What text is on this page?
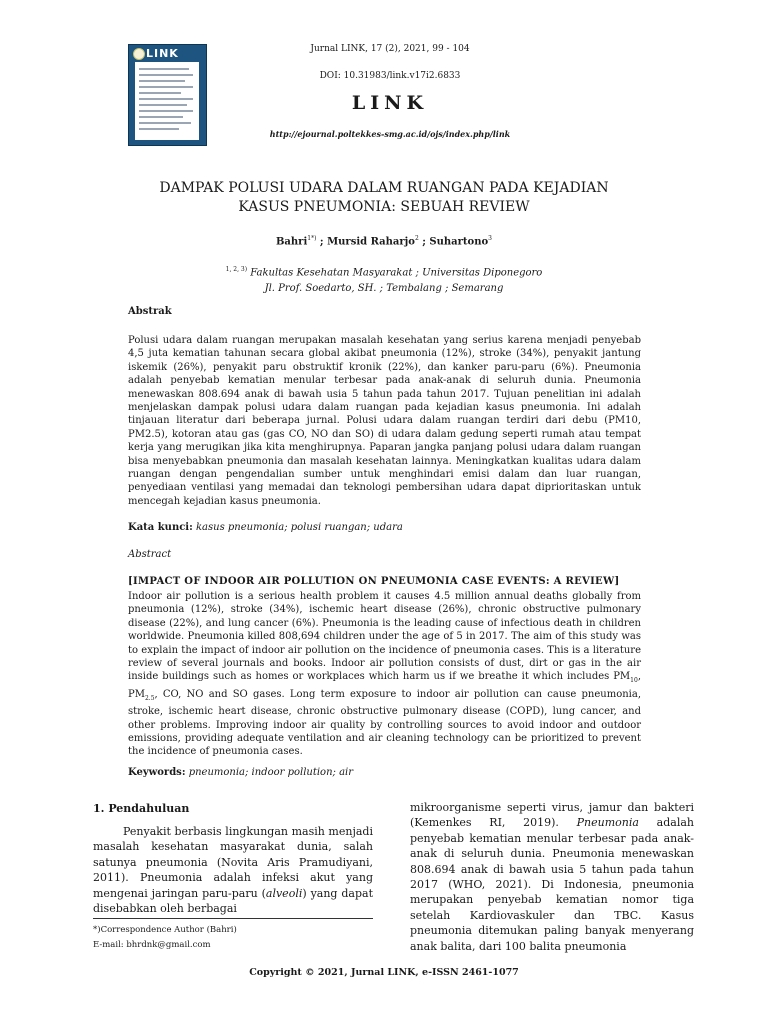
LINK	Jurnal LINK, 17 (2), 2021, 99 - 104
DOI: 10.31983/link.v17i2.6833
LINK
http://ejournal.poltekkes-smg.ac.id/ojs/index.php/link
DAMPAK POLUSI UDARA DALAM RUANGAN PADA KEJADIAN
KASUS PNEUMONIA: SEBUAH REVIEW
Bahri$^{1*)}$ ; Mursid Raharjo$^2$ ; Suhartono$^3$
$^{1, 2, 3)}$ Fakultas Kesehatan Masyarakat ; Universitas Diponegoro
Jl. Prof. Soedarto, SH. ; Tembalang ; Semarang
Abstrak
Polusi udara dalam ruangan merupakan masalah kesehatan yang serius karena menjadi penyebab 4,5 juta kematian tahunan secara global akibat pneumonia (12%), stroke (34%), penyakit jantung iskemik (26%), penyakit paru obstruktif kronik (22%), dan kanker paru-paru (6%). Pneumonia adalah penyebab kematian menular terbesar pada anak-anak di seluruh dunia. Pneumonia menewaskan 808.694 anak di bawah usia 5 tahun pada tahun 2017. Tujuan penelitian ini adalah menjelaskan dampak polusi udara dalam ruangan pada kejadian kasus pneumonia. Ini adalah tinjauan literatur dari beberapa jurnal. Polusi udara dalam ruangan terdiri dari debu (PM10, PM2.5), kotoran atau gas (gas CO, NO dan SO) di udara dalam gedung seperti rumah atau tempat kerja yang merugikan jika kita menghirupnya. Paparan jangka panjang polusi udara dalam ruangan bisa menyebabkan pneumonia dan masalah kesehatan lainnya. Meningkatkan kualitas udara dalam ruangan dengan pengendalian sumber untuk menghindari emisi dalam dan luar ruangan, penyediaan ventilasi yang memadai dan teknologi pembersihan udara dapat diprioritaskan untuk mencegah kejadian kasus pneumonia.
Kata kunci: kasus pneumonia; polusi ruangan; udara
Abstract
[IMPACT OF INDOOR AIR POLLUTION ON PNEUMONIA CASE EVENTS: A REVIEW]
Indoor air pollution is a serious health problem it causes 4.5 million annual deaths globally from pneumonia (12%), stroke (34%), ischemic heart disease (26%), chronic obstructive pulmonary disease (22%), and lung cancer (6%). Pneumonia is the leading cause of infectious death in children worldwide. Pneumonia killed 808,694 children under the age of 5 in 2017. The aim of this study was to explain the impact of indoor air pollution on the incidence of pneumonia cases. This is a literature review of several journals and books. Indoor air pollution consists of dust, dirt or gas in the air inside buildings such as homes or workplaces which harm us if we breathe it which includes $PM_{10}$, $PM_{2.5}$, CO, NO and SO gases. Long term exposure to indoor air pollution can cause pneumonia, stroke, ischemic heart disease, chronic obstructive pulmonary disease (COPD), lung cancer, and other problems. Improving indoor air quality by controlling sources to avoid indoor and outdoor emissions, providing adequate ventilation and air cleaning technology can be prioritized to prevent the incidence of pneumonia cases.
Keywords: pneumonia; indoor pollution; air
1. Pendahuluan
Penyakit berbasis lingkungan masih menjadi masalah kesehatan masyarakat dunia, salah satunya pneumonia (Novita Aris Pramudiyani, 2011). Pneumonia adalah infeksi akut yang mengenai jaringan paru-paru (alveoli) yang dapat disebabkan oleh berbagai
mikroorganisme seperti virus, jamur dan bakteri (Kemenkes RI, 2019). Pneumonia adalah penyebab kematian menular terbesar pada anak-anak di seluruh dunia. Pneumonia menewaskan 808.694 anak di bawah usia 5 tahun pada tahun 2017 (WHO, 2021). Di Indonesia, pneumonia merupakan penyebab kematian nomor tiga setelah Kardiovaskuler dan TBC. Kasus pneumonia ditemukan paling banyak menyerang anak balita, dari 100 balita pneumonia
*)Correspondence Author (Bahri)
E-mail: bhrdnk@gmail.com
Copyright © 2021, Jurnal LINK, e-ISSN 2461-1077
